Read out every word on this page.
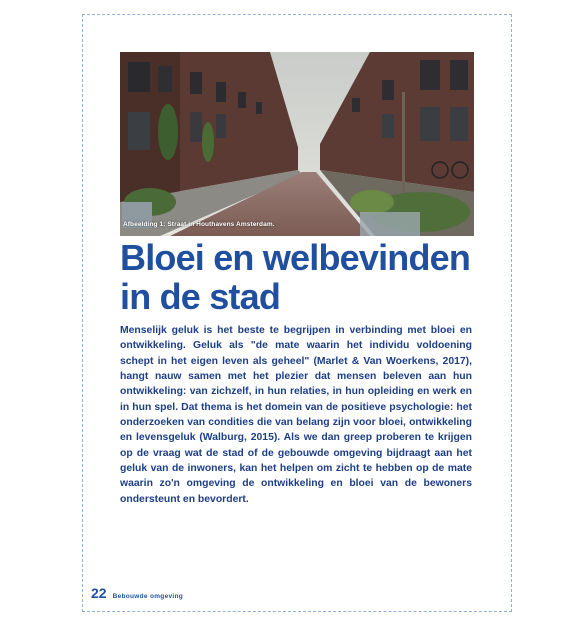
Afbeelding 1: Straat in Houthavens Amsterdam.
Bloei en welbevinden
in de stad

Menselijk geluk is het beste te begrijpen in verbinding met bloei en ontwikkeling. Geluk als "de mate waarin het individu voldoening schept in het eigen leven als geheel" (Marlet & Van Woerkens, 2017), hangt nauw samen met het plezier dat mensen beleven aan hun ontwikkeling: van zichzelf, in hun relaties, in hun opleiding en werk en in hun spel. Dat thema is het domein van de positieve psychologie: het onderzoeken van condities die van belang zijn voor bloei, ontwikkeling en levensgeluk (Walburg, 2015). Als we dan greep proberen te krijgen op de vraag wat de stad of de gebouwde omgeving bijdraagt aan het geluk van de inwoners, kan het helpen om zicht te hebben op de mate waarin zo'n omgeving de ontwikkeling en bloei van de bewoners ondersteunt en bevordert.

22 Bebouwde omgeving
